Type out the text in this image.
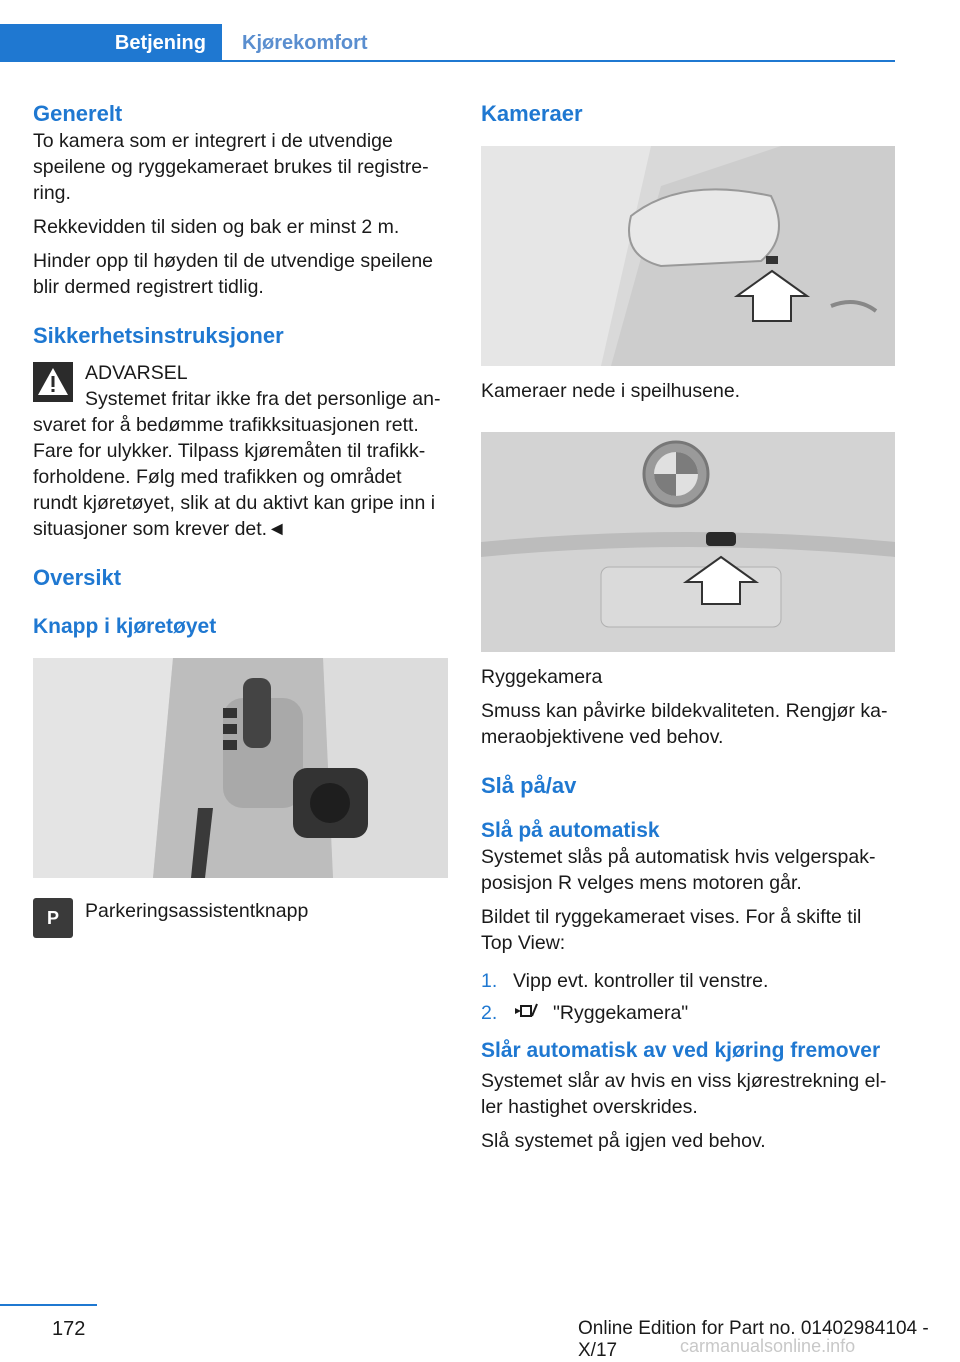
Betjening	Kjørekomfort
Generelt

To kamera som er integrert i de utvendige speilene og ryggekameraet brukes til registrering.

Rekkevidden til siden og bak er minst 2 m.

Hinder opp til høyden til de utvendige speilene blir dermed registrert tidlig.

Sikkerhetsinstruksjoner
ADVARSEL

Systemet fritar ikke fra det personlige ansvaret for å bedømme trafikksituasjonen rett. Fare for ulykker. Tilpass kjøremåten til trafikkforholdene. Følg med trafikken og området rundt kjøretøyet, slik at du aktivt kan gripe inn i situasjoner som krever det.◄

Oversikt
Knapp i kjøretøyet
P	Parkeringsassistentknapp

Kameraer

Kameraer nede i speilhusene.

Ryggekamera

Smuss kan påvirke bildekvaliteten. Rengjør kameraobjektivene ved behov.

Slå på/av
Slå på automatisk

Systemet slås på automatisk hvis velgerspakposisjon R velges mens motoren går.

Bildet til ryggekameraet vises. For å skifte til Top View:

1. Vipp evt. kontroller til venstre.
2.	"Ryggekamera"
Slår automatisk av ved kjøring fremover

Systemet slår av hvis en viss kjørestrekning eller hastighet overskrides.

Slå systemet på igjen ved behov.

172	Online Edition for Part no. 01402984104 - X/17	carmanualsonline.info
